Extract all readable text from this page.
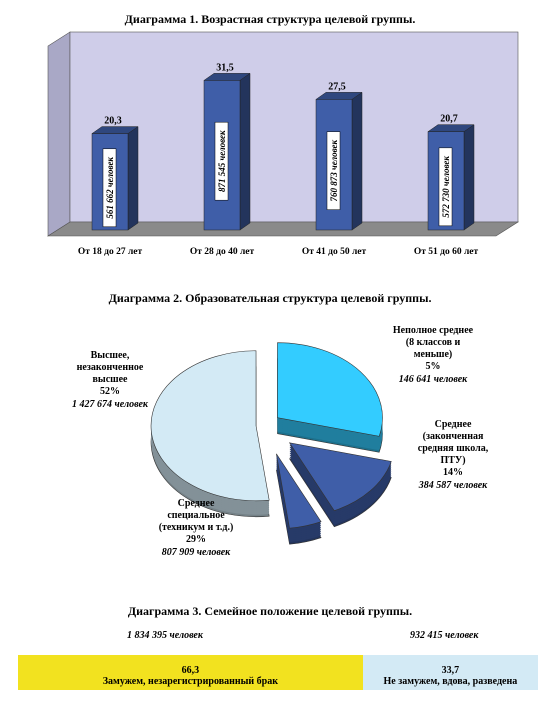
Диаграмма 1. Возрастная структура целевой группы.
20,3
561 662 человек
От 18 до 27 лет
31,5
871 545 человек
От 28 до 40 лет
27,5
760 873 человек
От 41 до 50 лет
20,7
572 730 человек
От 51 до 60 лет
Диаграмма 2. Образовательная структура целевой группы.
Высшее,
незаконченное
высшее
52%
1 427 674 человек
Неполное среднее
(8 классов и
меньше)
5%
146 641 человек
Среднее
(законченная
средняя школа,
ПТУ)
14%
384 587 человек
Среднее
специальное
(техникум и т.д.)
29%
807 909 человек
Диаграмма 3. Семейное положение целевой группы.
1 834 395 человек	932 415 человек
66,3
Замужем, незарегистрированный брак
33,7
Не замужем, вдова, разведена
